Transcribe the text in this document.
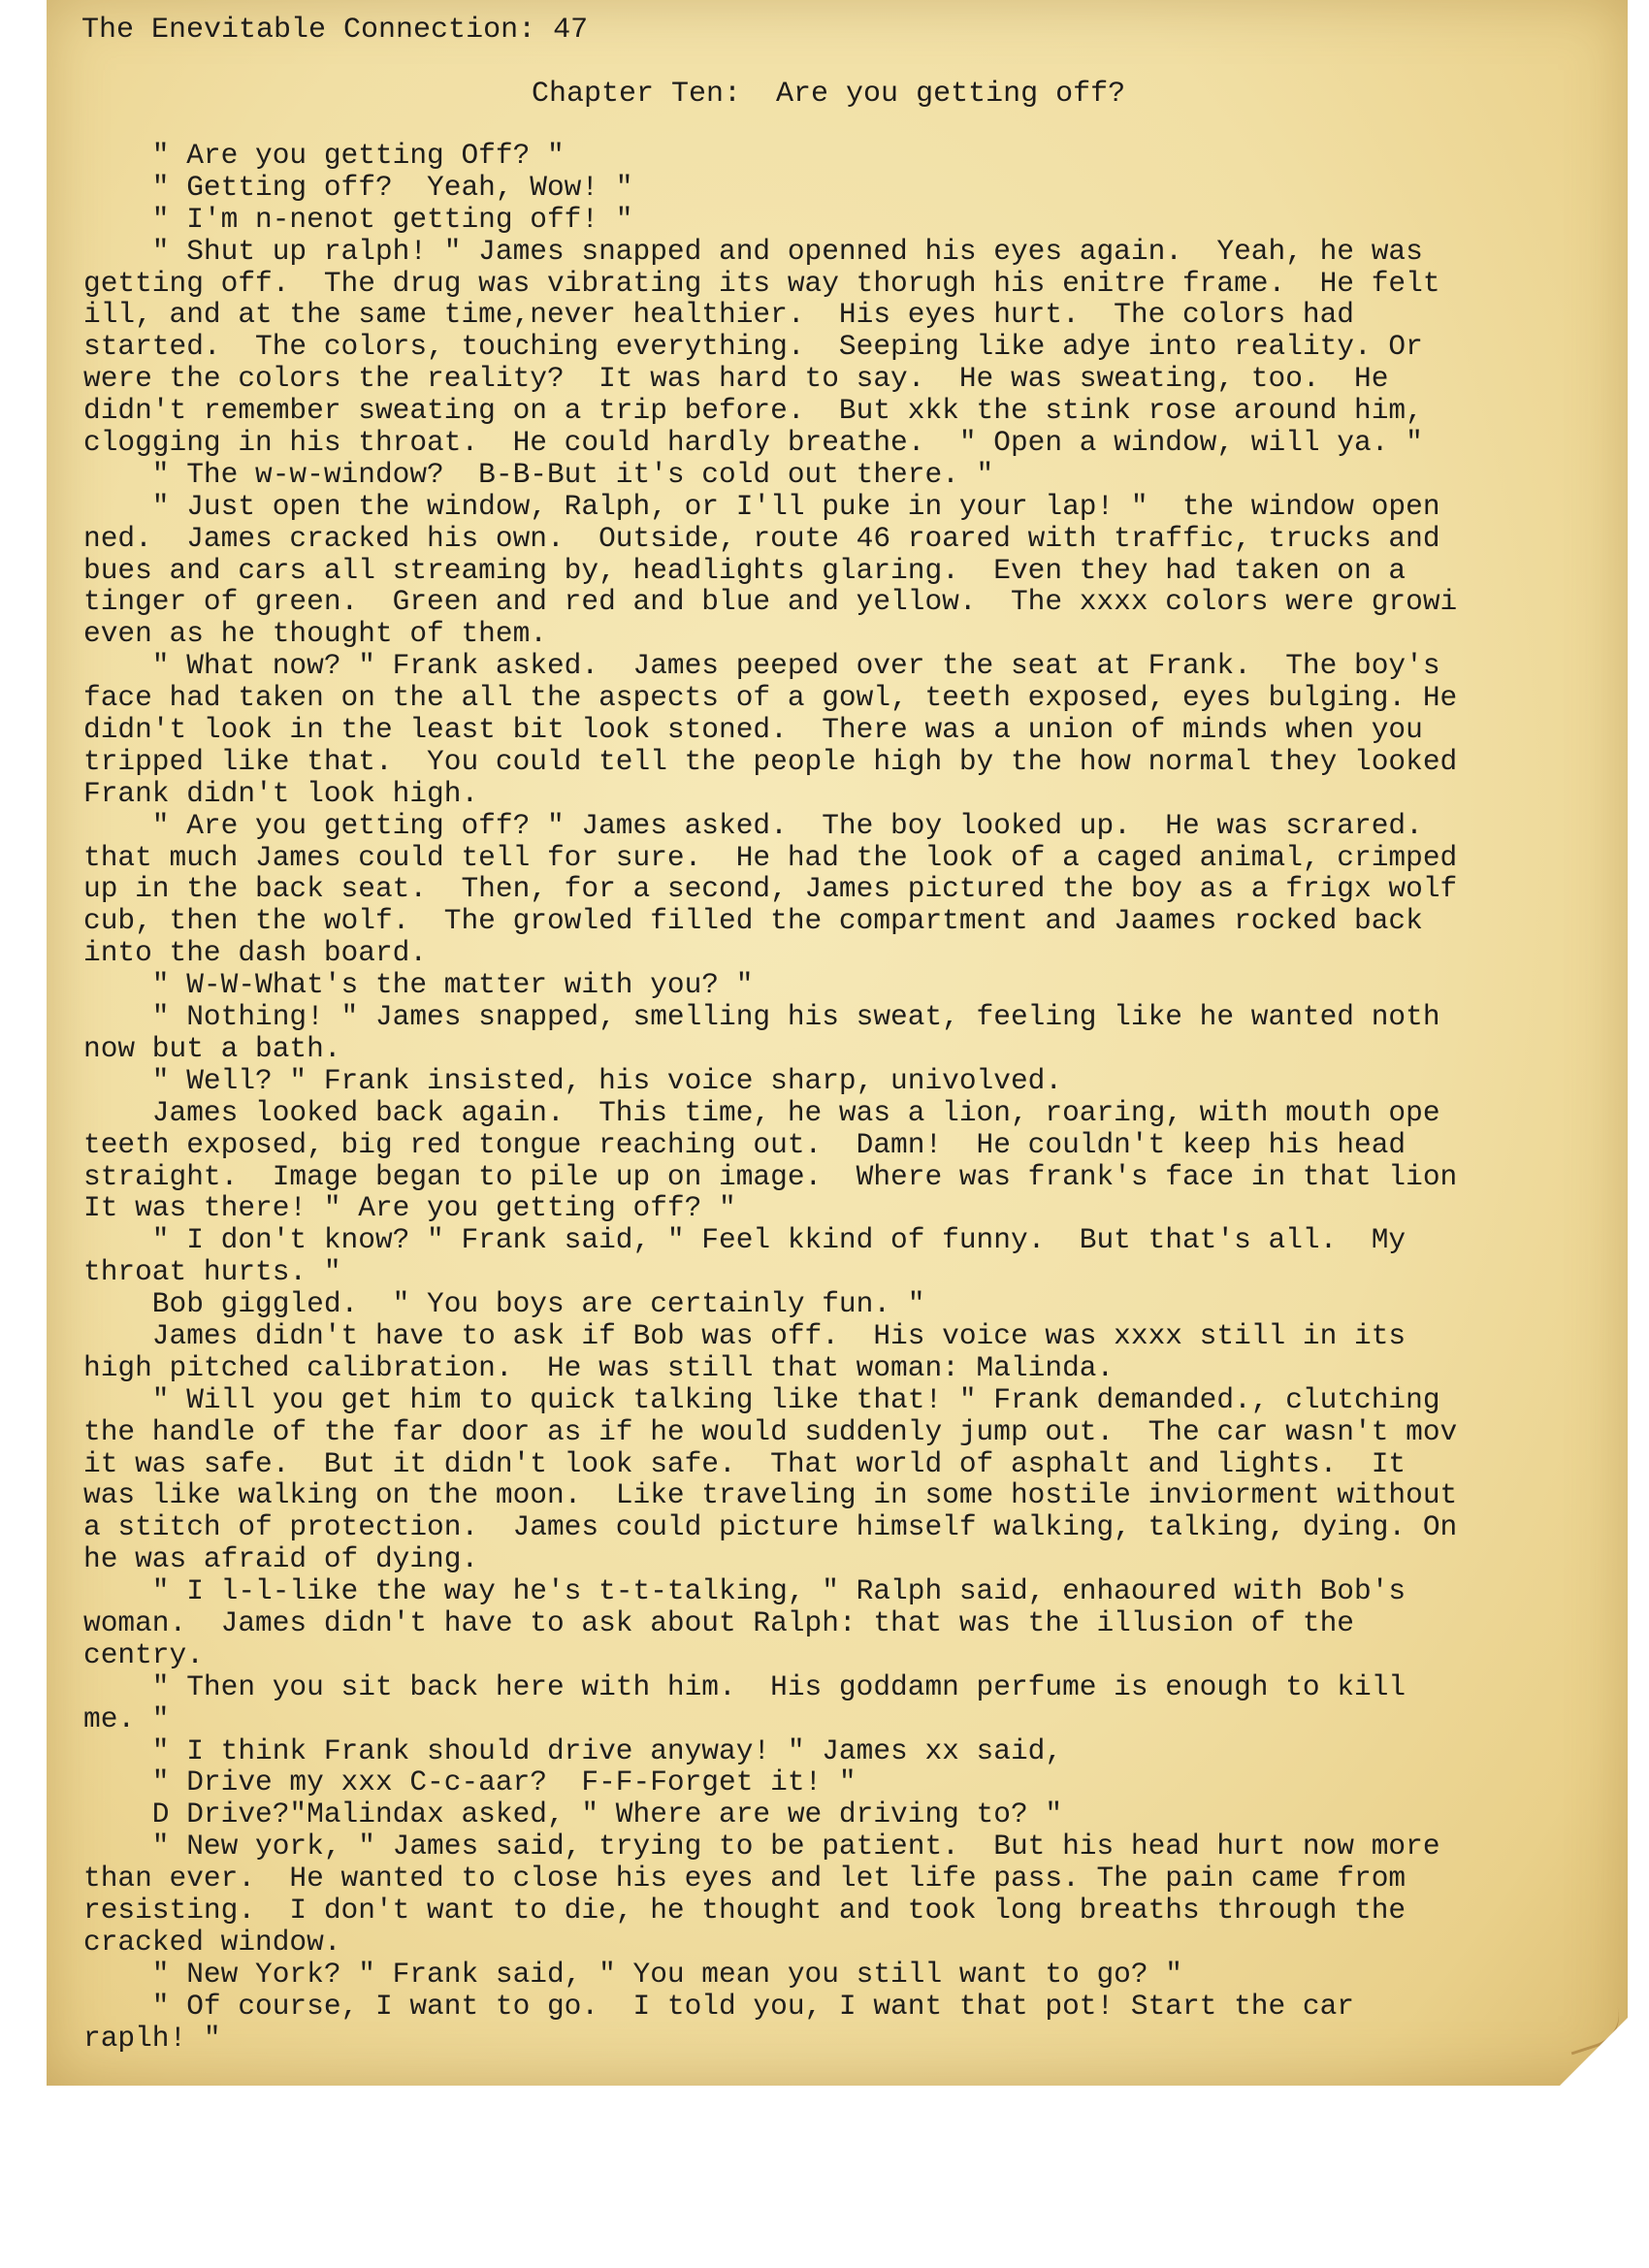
The Enevitable Connection: 47
Chapter Ten:  Are you getting off?
" Are you getting Off? "
" Getting off?  Yeah, Wow! "
" I'm n-nenot getting off! "
" Shut up ralph! " James snapped and openned his eyes again.  Yeah, he was
getting off.  The drug was vibrating its way thorugh his enitre frame.  He felt
ill, and at the same time,never healthier.  His eyes hurt.  The colors had
started.  The colors, touching everything.  Seeping like adye into reality. Or
were the colors the reality?  It was hard to say.  He was sweating, too.  He
didn't remember sweating on a trip before.  But xkk the stink rose around him,
clogging in his throat.  He could hardly breathe.  " Open a window, will ya. "
" The w-w-window?  B-B-But it's cold out there. "
" Just open the window, Ralph, or I'll puke in your lap! "  the window open
ned.  James cracked his own.  Outside, route 46 roared with traffic, trucks and
bues and cars all streaming by, headlights glaring.  Even they had taken on a
tinger of green.  Green and red and blue and yellow.  The xxxx colors were growi
even as he thought of them.
" What now? " Frank asked.  James peeped over the seat at Frank.  The boy's
face had taken on the all the aspects of a gowl, teeth exposed, eyes bulging. He
didn't look in the least bit look stoned.  There was a union of minds when you
tripped like that.  You could tell the people high by the how normal they looked
Frank didn't look high.
" Are you getting off? " James asked.  The boy looked up.  He was scrared.
that much James could tell for sure.  He had the look of a caged animal, crimped
up in the back seat.  Then, for a second, James pictured the boy as a frigx wolf
cub, then the wolf.  The growled filled the compartment and Jaames rocked back
into the dash board.
" W-W-What's the matter with you? "
" Nothing! " James snapped, smelling his sweat, feeling like he wanted noth
now but a bath.
" Well? " Frank insisted, his voice sharp, univolved.
James looked back again.  This time, he was a lion, roaring, with mouth ope
teeth exposed, big red tongue reaching out.  Damn!  He couldn't keep his head
straight.  Image began to pile up on image.  Where was frank's face in that lion
It was there! " Are you getting off? "
" I don't know? " Frank said, " Feel kkind of funny.  But that's all.  My
throat hurts. "
Bob giggled.  " You boys are certainly fun. "
James didn't have to ask if Bob was off.  His voice was xxxx still in its
high pitched calibration.  He was still that woman: Malinda.
" Will you get him to quick talking like that! " Frank demanded., clutching
the handle of the far door as if he would suddenly jump out.  The car wasn't mov
it was safe.  But it didn't look safe.  That world of asphalt and lights.  It
was like walking on the moon.  Like traveling in some hostile inviorment without
a stitch of protection.  James could picture himself walking, talking, dying. On
he was afraid of dying.
" I l-l-like the way he's t-t-talking, " Ralph said, enhaoured with Bob's
woman.  James didn't have to ask about Ralph: that was the illusion of the
centry.
" Then you sit back here with him.  His goddamn perfume is enough to kill
me. "
" I think Frank should drive anyway! " James xx said,
" Drive my xxx C-c-aar?  F-F-Forget it! "
D Drive?"Malindax asked, " Where are we driving to? "
" New york, " James said, trying to be patient.  But his head hurt now more
than ever.  He wanted to close his eyes and let life pass. The pain came from
resisting.  I don't want to die, he thought and took long breaths through the
cracked window.
" New York? " Frank said, " You mean you still want to go? "
" Of course, I want to go.  I told you, I want that pot! Start the car
raplh! "
